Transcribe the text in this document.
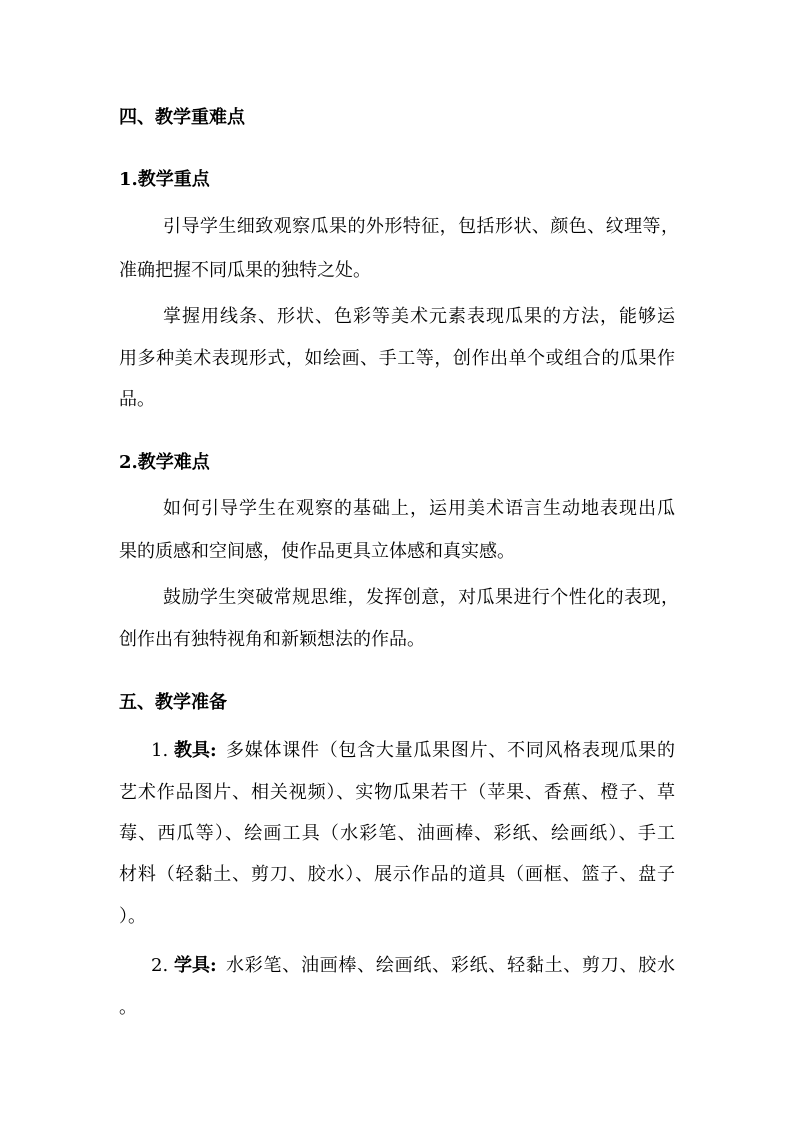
四、教学重难点
1.教学重点
引导学生细致观察瓜果的外形特征，包括形状、颜色、纹理等，
准确把握不同瓜果的独特之处。
掌握用线条、形状、色彩等美术元素表现瓜果的方法，能够运
用多种美术表现形式，如绘画、手工等，创作出单个或组合的瓜果作
品。
2.教学难点
如何引导学生在观察的基础上，运用美术语言生动地表现出瓜
果的质感和空间感，使作品更具立体感和真实感。
鼓励学生突破常规思维，发挥创意，对瓜果进行个性化的表现，
创作出有独特视角和新颖想法的作品。
五、教学准备
1. 教具: 多媒体课件（包含大量瓜果图片、不同风格表现瓜果的
艺术作品图片、相关视频）、实物瓜果若干（苹果、香蕉、橙子、草
莓、西瓜等）、绘画工具（水彩笔、油画棒、彩纸、绘画纸）、手工
材料（轻黏土、剪刀、胶水）、展示作品的道具（画框、篮子、盘子
）。
2. 学具: 水彩笔、油画棒、绘画纸、彩纸、轻黏土、剪刀、胶水
。
